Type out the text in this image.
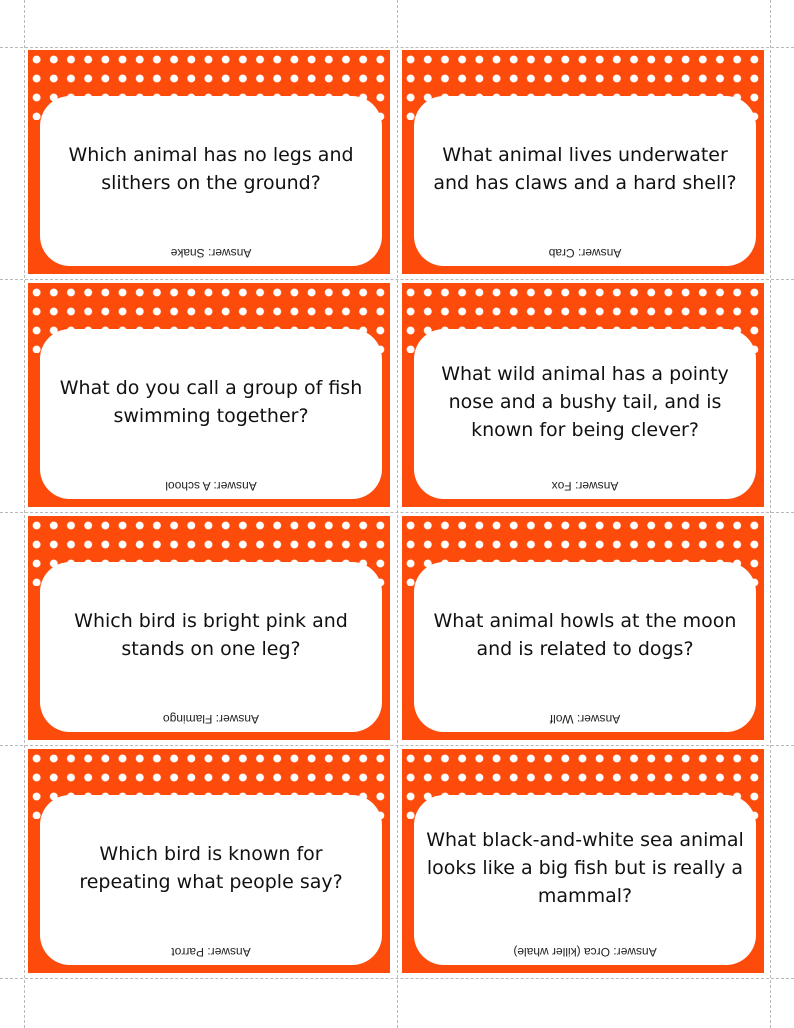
Which animal has no legs and slithers on the ground?
Answer: Snake
What animal lives underwater and has claws and a hard shell?
Answer: Crab
What do you call a group of fish swimming together?
Answer: A school
What wild animal has a pointy nose and a bushy tail, and is known for being clever?
Answer: Fox
Which bird is bright pink and stands on one leg?
Answer: Flamingo
What animal howls at the moon and is related to dogs?
Answer: Wolf
Which bird is known for repeating what people say?
Answer: Parrot
What black-and-white sea animal looks like a big fish but is really a mammal?
Answer: Orca (killer whale)
